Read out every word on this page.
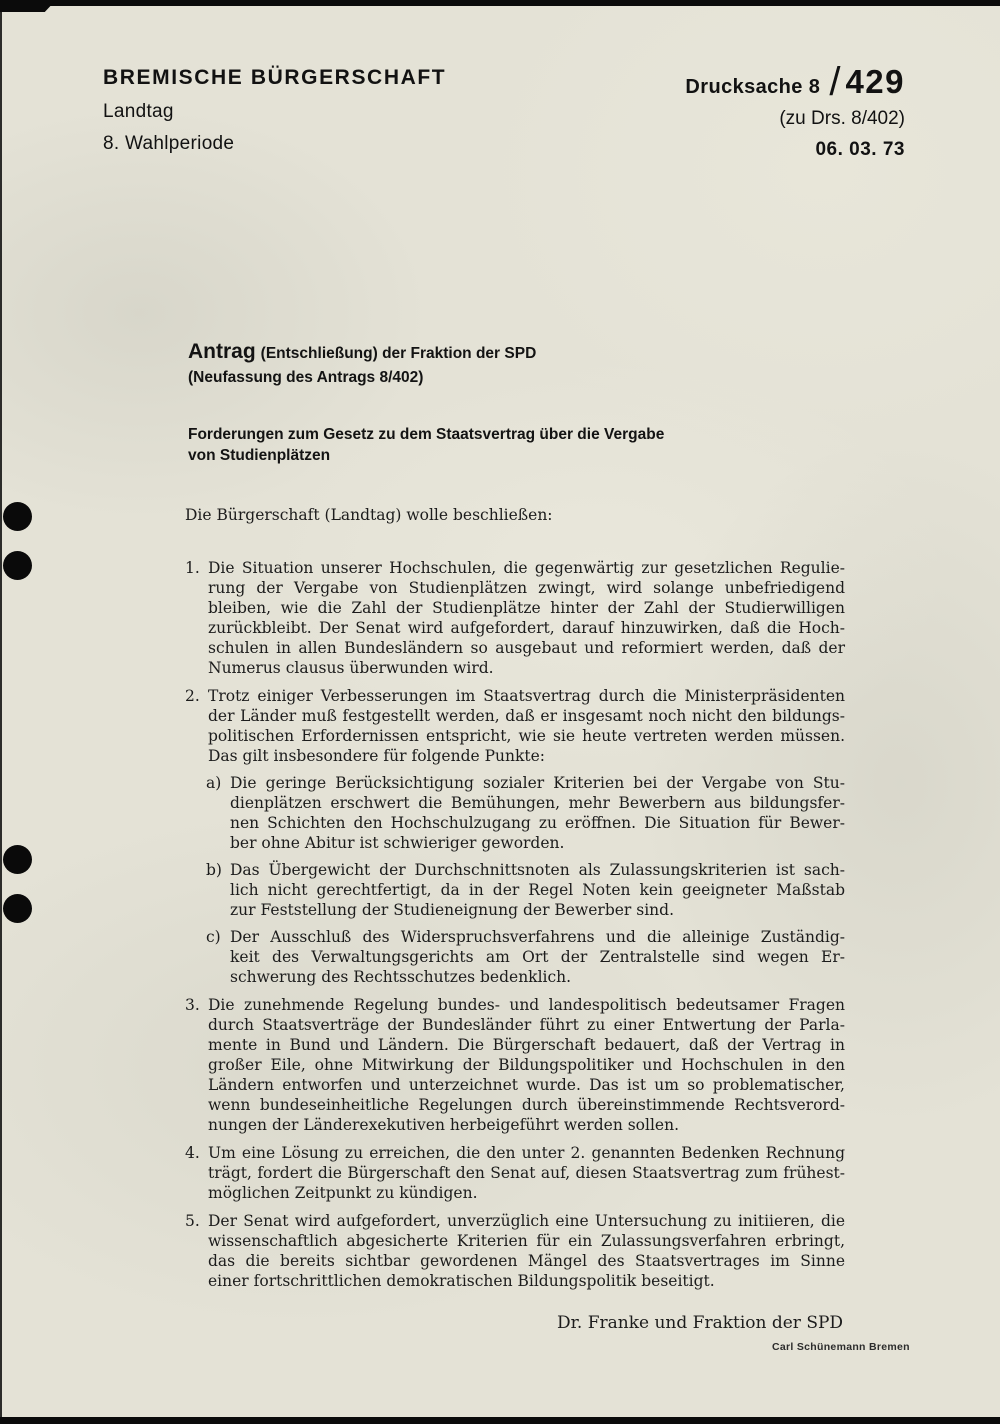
BREMISCHE BÜRGERSCHAFT
Landtag
8. Wahlperiode
Drucksache 8 / 429
(zu Drs. 8/402)
06. 03. 73
Antrag (Entschließung) der Fraktion der SPD
(Neufassung des Antrags 8/402)
Forderungen zum Gesetz zu dem Staatsvertrag über die Vergabe
von Studienplätzen
Die Bürgerschaft (Landtag) wolle beschließen:
1. Die Situation unserer Hochschulen, die gegenwärtig zur gesetzlichen Regulie-
rung der Vergabe von Studienplätzen zwingt, wird solange unbefriedigend
bleiben, wie die Zahl der Studienplätze hinter der Zahl der Studierwilligen
zurückbleibt. Der Senat wird aufgefordert, darauf hinzuwirken, daß die Hoch-
schulen in allen Bundesländern so ausgebaut und reformiert werden, daß der
Numerus clausus überwunden wird.
2. Trotz einiger Verbesserungen im Staatsvertrag durch die Ministerpräsidenten
der Länder muß festgestellt werden, daß er insgesamt noch nicht den bildungs-
politischen Erfordernissen entspricht, wie sie heute vertreten werden müssen.
Das gilt insbesondere für folgende Punkte:
a) Die geringe Berücksichtigung sozialer Kriterien bei der Vergabe von Stu-
dienplätzen erschwert die Bemühungen, mehr Bewerbern aus bildungsfer-
nen Schichten den Hochschulzugang zu eröffnen. Die Situation für Bewer-
ber ohne Abitur ist schwieriger geworden.
b) Das Übergewicht der Durchschnittsnoten als Zulassungskriterien ist sach-
lich nicht gerechtfertigt, da in der Regel Noten kein geeigneter Maßstab
zur Feststellung der Studieneignung der Bewerber sind.
c) Der Ausschluß des Widerspruchsverfahrens und die alleinige Zuständig-
keit des Verwaltungsgerichts am Ort der Zentralstelle sind wegen Er-
schwerung des Rechtsschutzes bedenklich.
3. Die zunehmende Regelung bundes- und landespolitisch bedeutsamer Fragen
durch Staatsverträge der Bundesländer führt zu einer Entwertung der Parla-
mente in Bund und Ländern. Die Bürgerschaft bedauert, daß der Vertrag in
großer Eile, ohne Mitwirkung der Bildungspolitiker und Hochschulen in den
Ländern entworfen und unterzeichnet wurde. Das ist um so problematischer,
wenn bundeseinheitliche Regelungen durch übereinstimmende Rechtsverord-
nungen der Länderexekutiven herbeigeführt werden sollen.
4. Um eine Lösung zu erreichen, die den unter 2. genannten Bedenken Rechnung
trägt, fordert die Bürgerschaft den Senat auf, diesen Staatsvertrag zum frühest-
möglichen Zeitpunkt zu kündigen.
5. Der Senat wird aufgefordert, unverzüglich eine Untersuchung zu initiieren, die
wissenschaftlich abgesicherte Kriterien für ein Zulassungsverfahren erbringt,
das die bereits sichtbar gewordenen Mängel des Staatsvertrages im Sinne
einer fortschrittlichen demokratischen Bildungspolitik beseitigt.
Dr. Franke und Fraktion der SPD
Carl Schünemann Bremen
